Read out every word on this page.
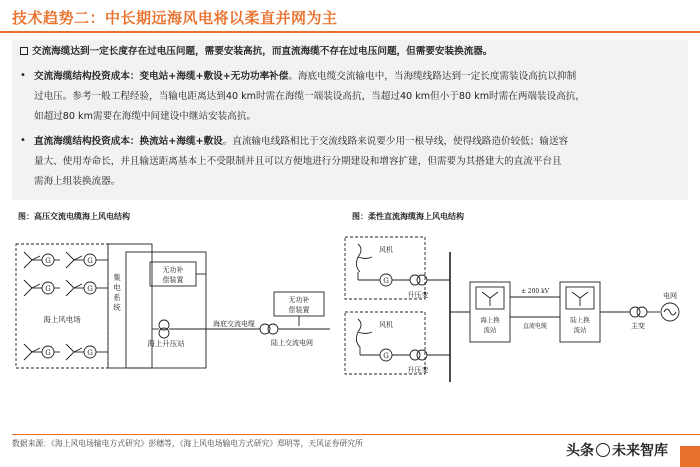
技术趋势二：中长期远海风电将以柔直并网为主
交流海缆达到一定长度存在过电压问题，需要安装高抗，而直流海缆不存在过电压问题，但需要安装换流器。
• 交流海缆结构投资成本：变电站+海缆+敷设+无功功率补偿。海底电缆交流输电中，当海缆线路达到一定长度需装设高抗以抑制
过电压。参考一般工程经验，当输电距离达到40 km时需在海缆一端装设高抗，当超过40 km但小于80 km时需在两端装设高抗，
如超过80 km需要在海缆中间建设中继站安装高抗。
• 直流海缆结构投资成本：换流站+海缆+敷设。直流输电线路相比于交流线路来说要少用一根导线，使得线路造价较低；输送容
量大、使用寿命长，并且输送距离基本上不受限制并且可以方便地进行分期建设和增容扩建，但需要为其搭建大的直流平台且
需海上组装换流器。
图：高压交流电缆海上风电结构	图：柔性直流海缆海上风电结构
G	G
G	G
G	G
海上风电场
集电系统
海上升压站
无功补
偿装置
无功补
偿装置
海底交流电缆
陆上交流电网
风机
风机
G
G
升压变
升压变
± 200 kV
直流电缆
海上换
流站
陆上换
流站	主变
电网
数据来源：《海上风电场输电方式研究》彭穗等，《海上风电场输电方式研究》郑明等，天风证券研究所	头条 未来智库
